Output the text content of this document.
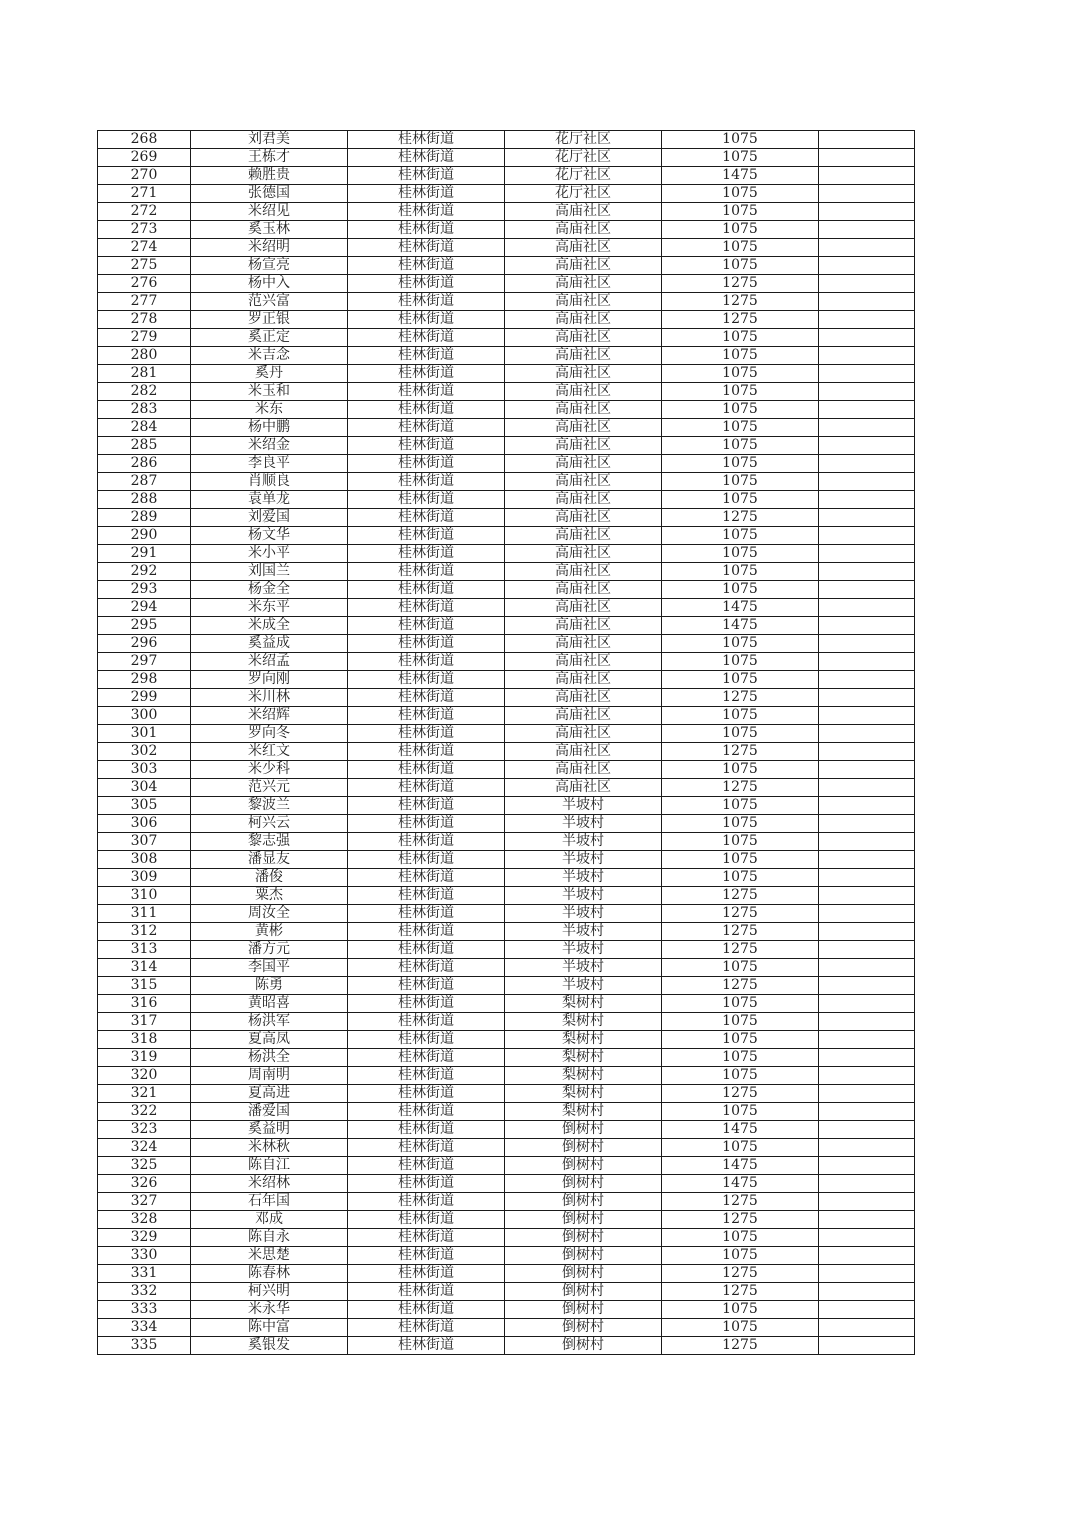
268	刘君美	桂林街道	花厅社区	1075	
269	王栋才	桂林街道	花厅社区	1075	
270	赖胜贵	桂林街道	花厅社区	1475	
271	张德国	桂林街道	花厅社区	1075	
272	米绍见	桂林街道	高庙社区	1075	
273	奚玉林	桂林街道	高庙社区	1075	
274	米绍明	桂林街道	高庙社区	1075	
275	杨宣亮	桂林街道	高庙社区	1075	
276	杨中入	桂林街道	高庙社区	1275	
277	范兴富	桂林街道	高庙社区	1275	
278	罗正银	桂林街道	高庙社区	1275	
279	奚正定	桂林街道	高庙社区	1075	
280	米吉念	桂林街道	高庙社区	1075	
281	奚丹	桂林街道	高庙社区	1075	
282	米玉和	桂林街道	高庙社区	1075	
283	米东	桂林街道	高庙社区	1075	
284	杨中鹏	桂林街道	高庙社区	1075	
285	米绍金	桂林街道	高庙社区	1075	
286	李良平	桂林街道	高庙社区	1075	
287	肖顺良	桂林街道	高庙社区	1075	
288	袁单龙	桂林街道	高庙社区	1075	
289	刘爱国	桂林街道	高庙社区	1275	
290	杨文华	桂林街道	高庙社区	1075	
291	米小平	桂林街道	高庙社区	1075	
292	刘国兰	桂林街道	高庙社区	1075	
293	杨金全	桂林街道	高庙社区	1075	
294	米东平	桂林街道	高庙社区	1475	
295	米成全	桂林街道	高庙社区	1475	
296	奚益成	桂林街道	高庙社区	1075	
297	米绍孟	桂林街道	高庙社区	1075	
298	罗向刚	桂林街道	高庙社区	1075	
299	米川林	桂林街道	高庙社区	1275	
300	米绍辉	桂林街道	高庙社区	1075	
301	罗向冬	桂林街道	高庙社区	1075	
302	米红文	桂林街道	高庙社区	1275	
303	米少科	桂林街道	高庙社区	1075	
304	范兴元	桂林街道	高庙社区	1275	
305	黎波兰	桂林街道	半坡村	1075	
306	柯兴云	桂林街道	半坡村	1075	
307	黎志强	桂林街道	半坡村	1075	
308	潘显友	桂林街道	半坡村	1075	
309	潘俊	桂林街道	半坡村	1075	
310	粟杰	桂林街道	半坡村	1275	
311	周汝全	桂林街道	半坡村	1275	
312	黄彬	桂林街道	半坡村	1275	
313	潘方元	桂林街道	半坡村	1275	
314	李国平	桂林街道	半坡村	1075	
315	陈勇	桂林街道	半坡村	1275	
316	黄昭喜	桂林街道	梨树村	1075	
317	杨洪军	桂林街道	梨树村	1075	
318	夏高凤	桂林街道	梨树村	1075	
319	杨洪全	桂林街道	梨树村	1075	
320	周南明	桂林街道	梨树村	1075	
321	夏高进	桂林街道	梨树村	1275	
322	潘爱国	桂林街道	梨树村	1075	
323	奚益明	桂林街道	倒树村	1475	
324	米林秋	桂林街道	倒树村	1075	
325	陈自江	桂林街道	倒树村	1475	
326	米绍林	桂林街道	倒树村	1475	
327	石年国	桂林街道	倒树村	1275	
328	邓成	桂林街道	倒树村	1275	
329	陈自永	桂林街道	倒树村	1075	
330	米思楚	桂林街道	倒树村	1075	
331	陈春林	桂林街道	倒树村	1275	
332	柯兴明	桂林街道	倒树村	1275	
333	米永华	桂林街道	倒树村	1075	
334	陈中富	桂林街道	倒树村	1075	
335	奚银发	桂林街道	倒树村	1275	
